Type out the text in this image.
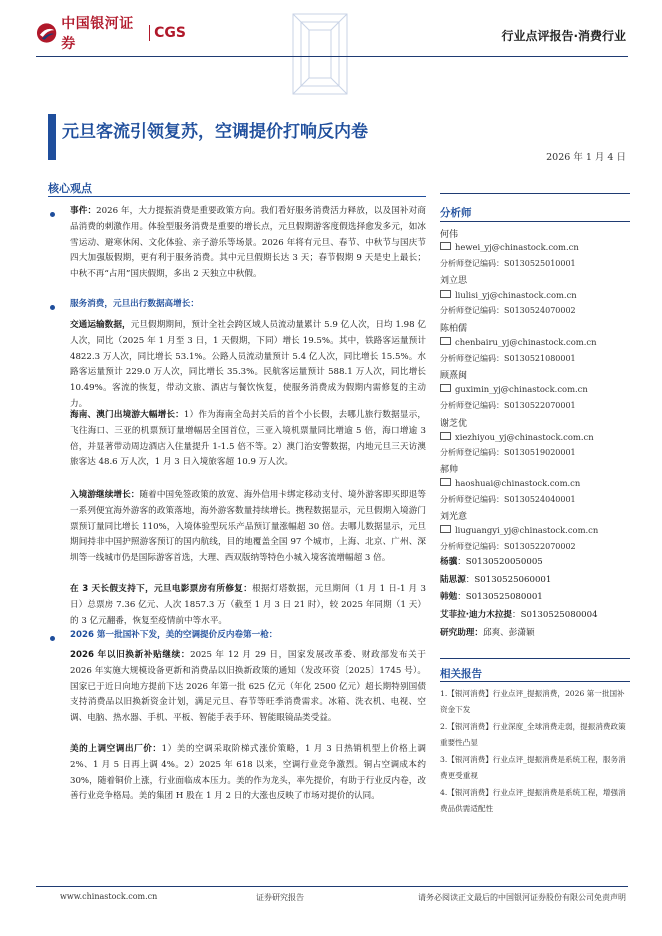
中国银河证券
CGS	行业点评报告·消费行业
元旦客流引领复苏，空调提价打响反内卷
2026 年 1 月 4 日
核心观点
事件：2026 年，大力提振消费是重要政策方向。我们看好服务消费活力释放，以及国补对商品消费的刺激作用。体验型服务消费是重要的增长点，元旦假期游客度假选择愈发多元，如冰雪运动、避寒休闲、文化体验、亲子游乐等场景。2026 年将有元旦、春节、中秋节与国庆节四大加强版假期，更有利于服务消费。其中元旦假期长达 3 天；春节假期 9 天是史上最长；中秋不再“占用”国庆假期，多出 2 天独立中秋假。
服务消费，元旦出行数据高增长：
交通运输数据，元旦假期期间，预计全社会跨区域人员流动量累计 5.9 亿人次，日均 1.98 亿人次，同比（2025 年 1 月至 3 日，1 天假期，下同）增长 19.5%。其中，铁路客运量预计 4822.3 万人次，同比增长 53.1%。公路人员流动量预计 5.4 亿人次，同比增长 15.5%。水路客运量预计 229.0 万人次，同比增长 35.3%。民航客运量预计 588.1 万人次，同比增长 10.49%。客流的恢复，带动文旅、酒店与餐饮恢复，使服务消费成为假期内需修复的主动力。
海南、澳门出境游大幅增长：1）作为海南全岛封关后的首个小长假，去哪儿旅行数据显示，飞往海口、三亚的机票预订量增幅居全国首位，三亚入境机票量同比增逾 5 倍，海口增逾 3 倍，并显著带动周边酒店入住量提升 1-1.5 倍不等。2）澳门治安警数据，内地元旦三天访澳旅客达 48.6 万人次，1 月 3 日入境旅客超 10.9 万人次。
入境游继续增长：随着中国免签政策的放宽、海外信用卡绑定移动支付、境外游客即买即退等一系列便宜海外游客的政策落地，海外游客数量持续增长。携程数据显示，元旦假期入境游门票预订量同比增长 110%，入境体验型玩乐产品预订量涨幅超 30 倍。去哪儿数据显示，元旦期间持非中国护照游客预订的国内航线，目的地覆盖全国 97 个城市，上海、北京、广州、深圳等一线城市仍是国际游客首选，大理、西双版纳等特色小城入境客流增幅超 3 倍。
在 3 天长假支持下，元旦电影票房有所修复：根据灯塔数据，元旦期间（1 月 1 日-1 月 3 日）总票房 7.36 亿元、人次 1857.3 万（截至 1 月 3 日 21 时），较 2025 年同期（1 天）的 3 亿元翻番，恢复至疫情前中等水平。
2026 第一批国补下发，美的空调提价反内卷第一枪：
2026 年以旧换新补贴继续：2025 年 12 月 29 日，国家发展改革委、财政部发布关于 2026 年实施大规模设备更新和消费品以旧换新政策的通知（发改环资〔2025〕1745 号）。国家已于近日向地方提前下达 2026 年第一批 625 亿元（年化 2500 亿元）超长期特别国债支持消费品以旧换新资金计划，满足元旦、春节等旺季消费需求。冰箱、洗衣机、电视、空调、电脑、热水器、手机、平板、智能手表手环、智能眼镜品类受益。
美的上调空调出厂价：1）美的空调采取阶梯式涨价策略，1 月 3 日热销机型上价格上调 2%、1 月 5 日再上调 4%。2）2025 年 618 以来，空调行业竞争激烈。铜占空调成本约 30%，随着铜价上涨，行业面临成本压力。美的作为龙头，率先提价，有助于行业反内卷，改善行业竞争格局。美的集团 H 股在 1 月 2 日的大涨也反映了市场对提价的认同。
分析师
何伟
hewei_yj@chinastock.com.cn
分析师登记编码：S0130525010001
刘立思
liulisi_yj@chinastock.com.cn
分析师登记编码：S0130524070002
陈柏儒
chenbairu_yj@chinastock.com.cn
分析师登记编码：S0130521080001
顾熹闽
guximin_yj@chinastock.com.cn
分析师登记编码：S0130522070001
谢芝优
xiezhiyou_yj@chinastock.com.cn
分析师登记编码：S0130519020001
郝帅
haoshuai@chinastock.com.cn
分析师登记编码：S0130524040001
刘光意
liuguangyi_yj@chinastock.com.cn
分析师登记编码：S0130522070002
杨骥：S0130520050005
陆思源：S0130525060001
韩勉：S0130525080001
艾菲拉·迪力木拉提：S0130525080004
研究助理：邱爽、彭潇颖
相关报告
1.【银河消费】行业点评_提振消费，2026 第一批国补资金下发
2.【银河消费】行业深度_全球消费走弱，提振消费政策重要性凸显
3.【银河消费】行业点评_提振消费是系统工程，服务消费更受重视
4.【银河消费】行业点评_提振消费是系统工程，增强消费品供需适配性
www.chinastock.com.cn	证券研究报告	请务必阅读正文最后的中国银河证券股份有限公司免责声明
